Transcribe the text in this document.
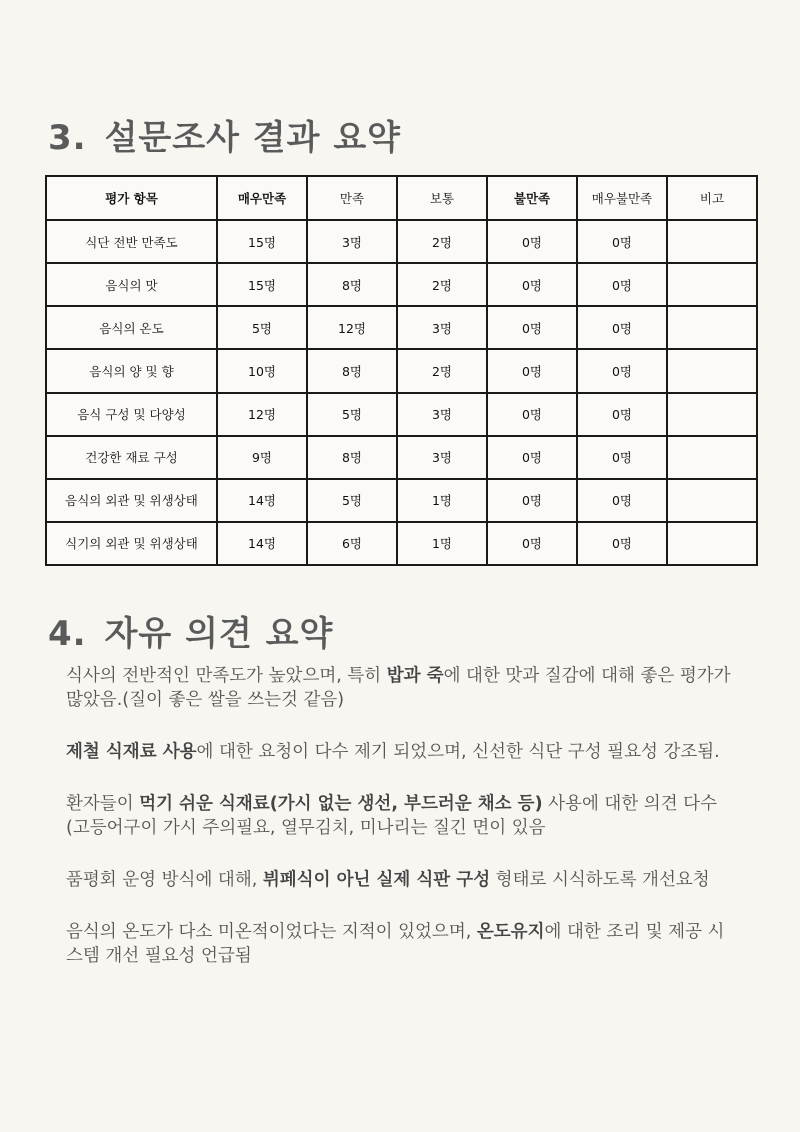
3. 설문조사 결과 요약
평가 항목	매우만족	만족	보통	불만족	매우불만족	비고
식단 전반 만족도	15명	3명	2명	0명	0명	
음식의 맛	15명	8명	2명	0명	0명	
음식의 온도	5명	12명	3명	0명	0명	
음식의 양 및 향	10명	8명	2명	0명	0명	
음식 구성 및 다양성	12명	5명	3명	0명	0명	
건강한 재료 구성	9명	8명	3명	0명	0명	
음식의 외관 및 위생상태	14명	5명	1명	0명	0명	
식기의 외관 및 위생상태	14명	6명	1명	0명	0명	
4. 자유 의견 요약

식사의 전반적인 만족도가 높았으며, 특히 밥과 죽에 대한 맛과 질감에 대해 좋은 평가가 많았음.(질이 좋은 쌀을 쓰는것 같음)

제철 식재료 사용에 대한 요청이 다수 제기 되었으며, 신선한 식단 구성 필요성 강조됨.

환자들이 먹기 쉬운 식재료(가시 없는 생선, 부드러운 채소 등) 사용에 대한 의견 다수(고등어구이 가시 주의필요, 열무김치, 미나리는 질긴 면이 있음

품평회 운영 방식에 대해, 뷔페식이 아닌 실제 식판 구성 형태로 시식하도록 개선요청

음식의 온도가 다소 미온적이었다는 지적이 있었으며, 온도유지에 대한 조리 및 제공 시스템 개선 필요성 언급됨
